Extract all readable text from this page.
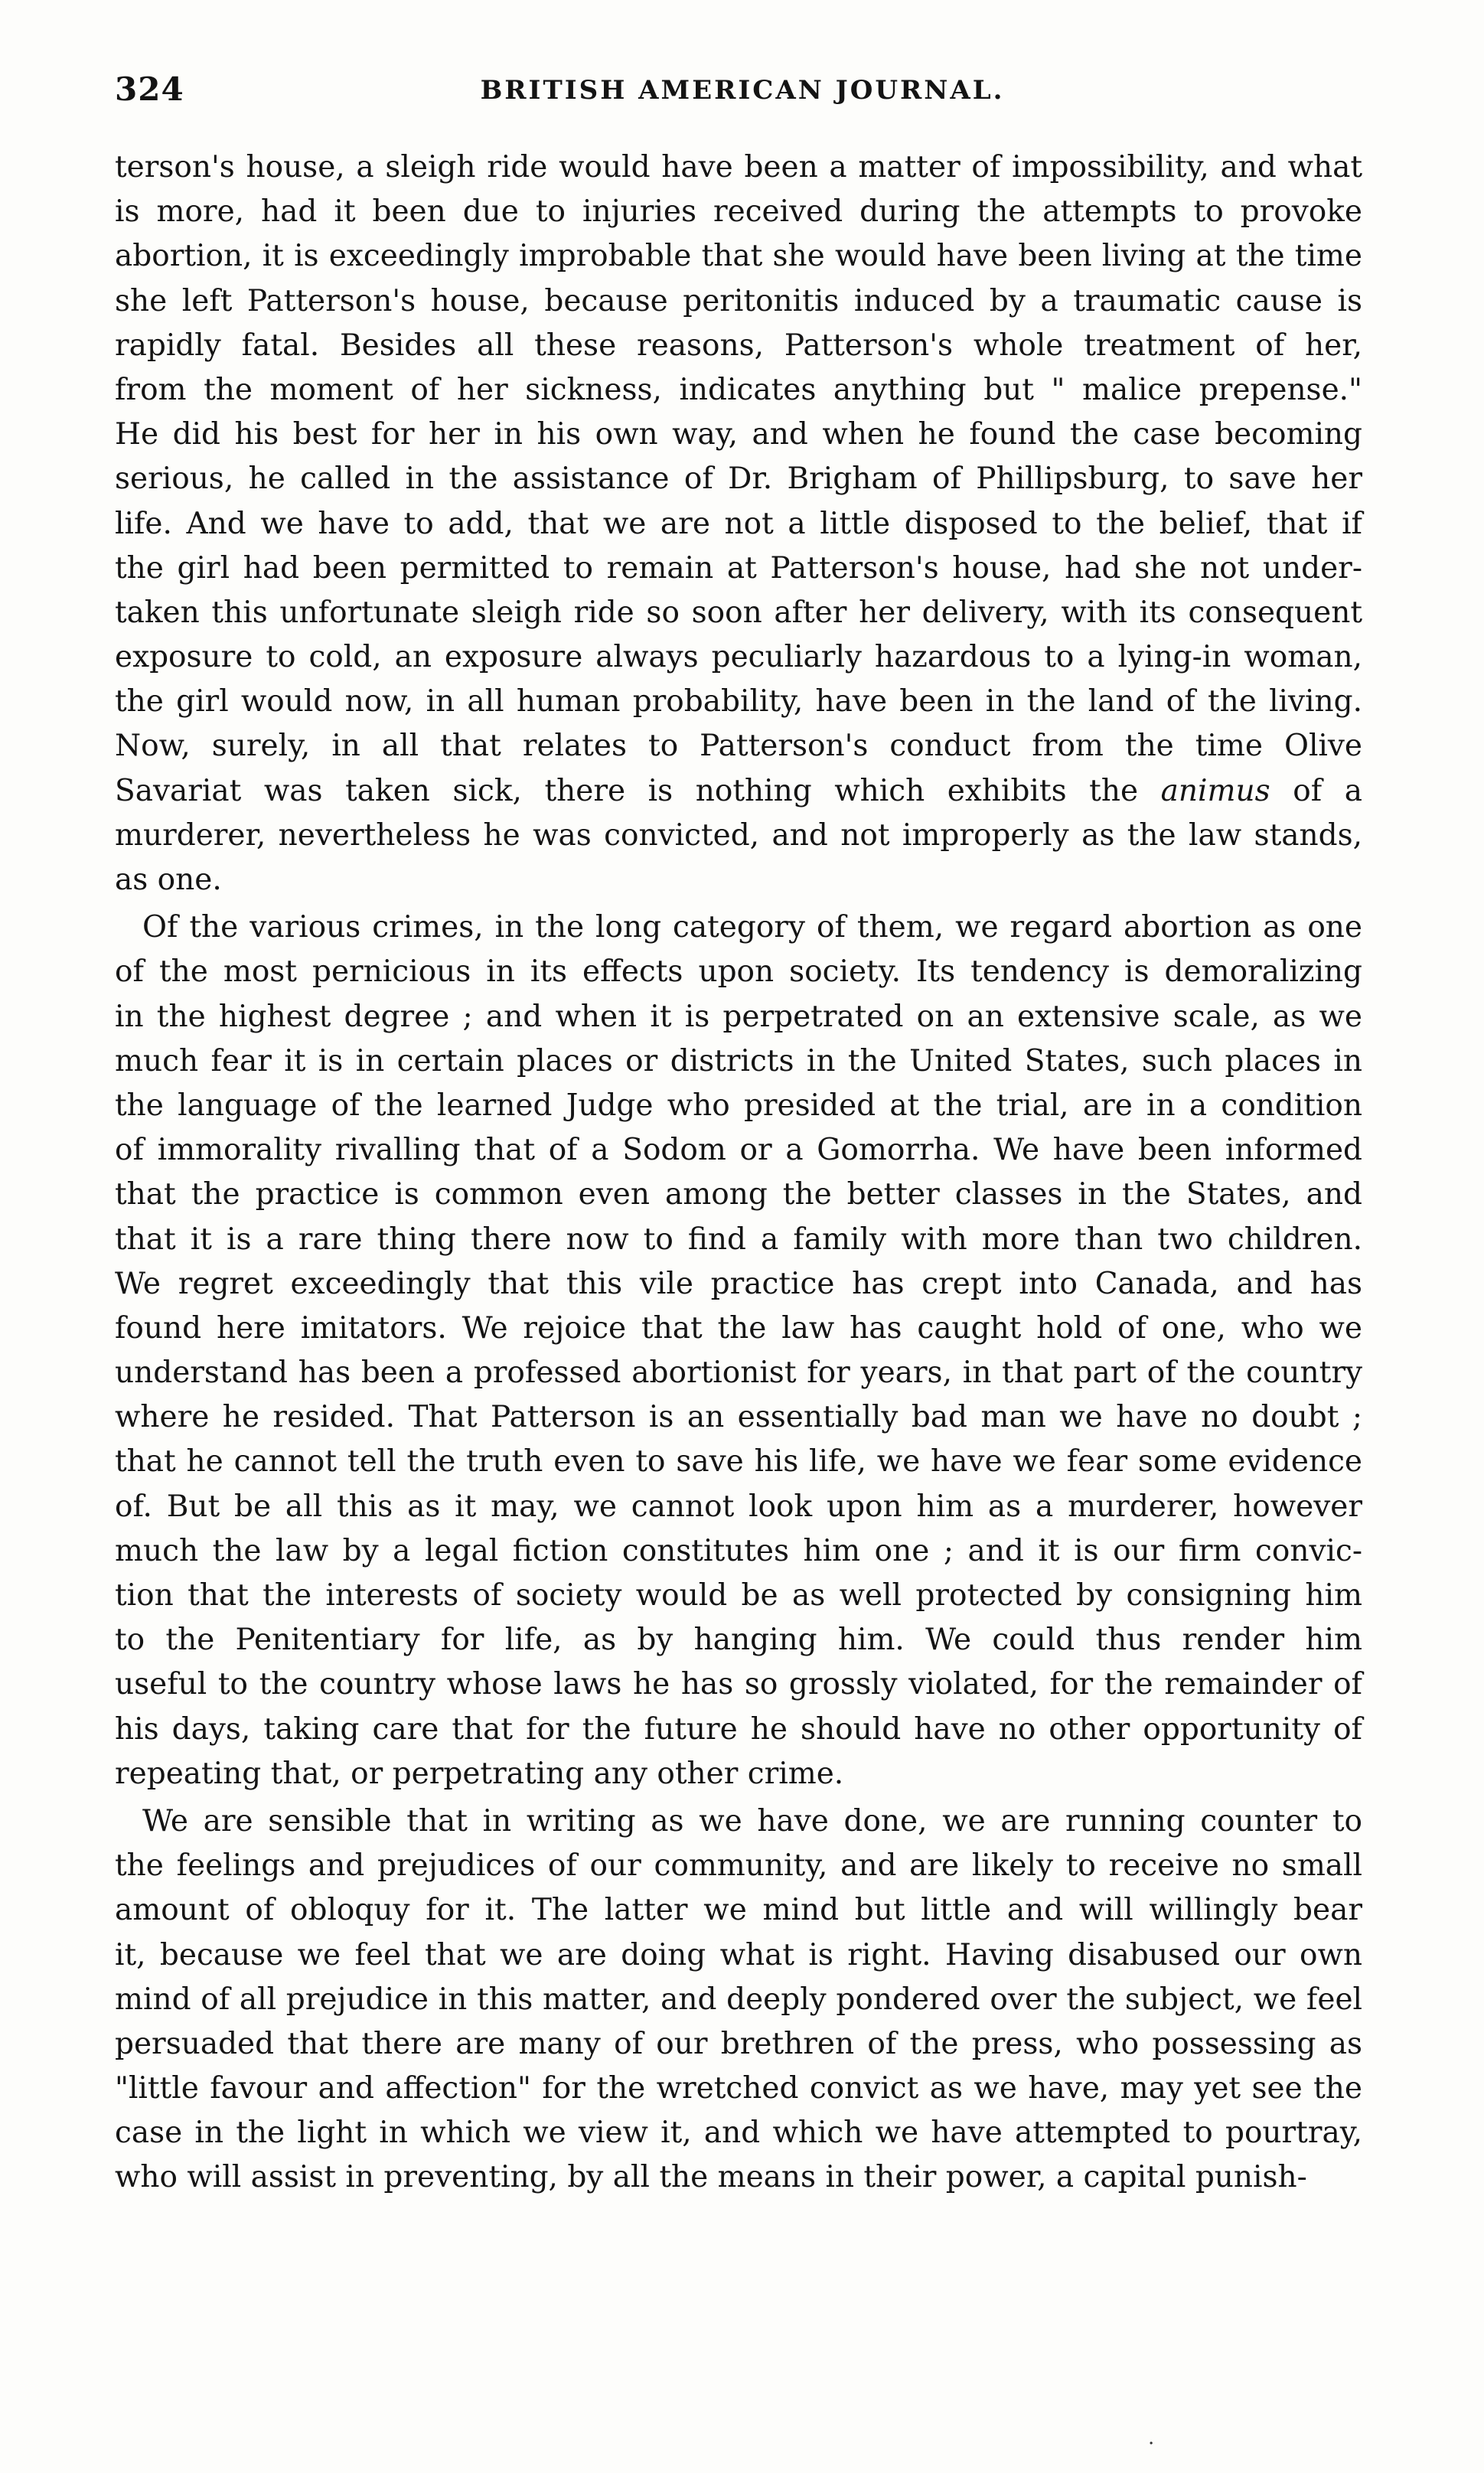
324	BRITISH AMERICAN JOURNAL.
terson's house, a sleigh ride would have been a matter of impossibility, and what
is more, had it been due to injuries received during the attempts to provoke
abortion, it is exceedingly improbable that she would have been living at the time
she left Patterson's house, because peritonitis induced by a traumatic cause is
rapidly fatal. Besides all these reasons, Patterson's whole treatment of her,
from the moment of her sickness, indicates anything but " malice prepense."
He did his best for her in his own way, and when he found the case becoming
serious, he called in the assistance of Dr. Brigham of Phillipsburg, to save her
life. And we have to add, that we are not a little disposed to the belief, that if
the girl had been permitted to remain at Patterson's house, had she not under-
taken this unfortunate sleigh ride so soon after her delivery, with its consequent
exposure to cold, an exposure always peculiarly hazardous to a lying-in woman,
the girl would now, in all human probability, have been in the land of the living.
Now, surely, in all that relates to Patterson's conduct from the time Olive
Savariat was taken sick, there is nothing which exhibits the animus of a
murderer, nevertheless he was convicted, and not improperly as the law stands,
as one.
Of the various crimes, in the long category of them, we regard abortion as one
of the most pernicious in its effects upon society. Its tendency is demoralizing
in the highest degree ; and when it is perpetrated on an extensive scale, as we
much fear it is in certain places or districts in the United States, such places in
the language of the learned Judge who presided at the trial, are in a condition
of immorality rivalling that of a Sodom or a Gomorrha. We have been informed
that the practice is common even among the better classes in the States, and
that it is a rare thing there now to find a family with more than two children.
We regret exceedingly that this vile practice has crept into Canada, and has
found here imitators. We rejoice that the law has caught hold of one, who we
understand has been a professed abortionist for years, in that part of the country
where he resided. That Patterson is an essentially bad man we have no doubt ;
that he cannot tell the truth even to save his life, we have we fear some evidence
of. But be all this as it may, we cannot look upon him as a murderer, however
much the law by a legal fiction constitutes him one ; and it is our firm convic-
tion that the interests of society would be as well protected by consigning him
to the Penitentiary for life, as by hanging him. We could thus render him
useful to the country whose laws he has so grossly violated, for the remainder of
his days, taking care that for the future he should have no other opportunity of
repeating that, or perpetrating any other crime.
We are sensible that in writing as we have done, we are running counter to
the feelings and prejudices of our community, and are likely to receive no small
amount of obloquy for it. The latter we mind but little and will willingly bear
it, because we feel that we are doing what is right. Having disabused our own
mind of all prejudice in this matter, and deeply pondered over the subject, we feel
persuaded that there are many of our brethren of the press, who possessing as
"little favour and affection" for the wretched convict as we have, may yet see the
case in the light in which we view it, and which we have attempted to pourtray,
who will assist in preventing, by all the means in their power, a capital punish-
.
